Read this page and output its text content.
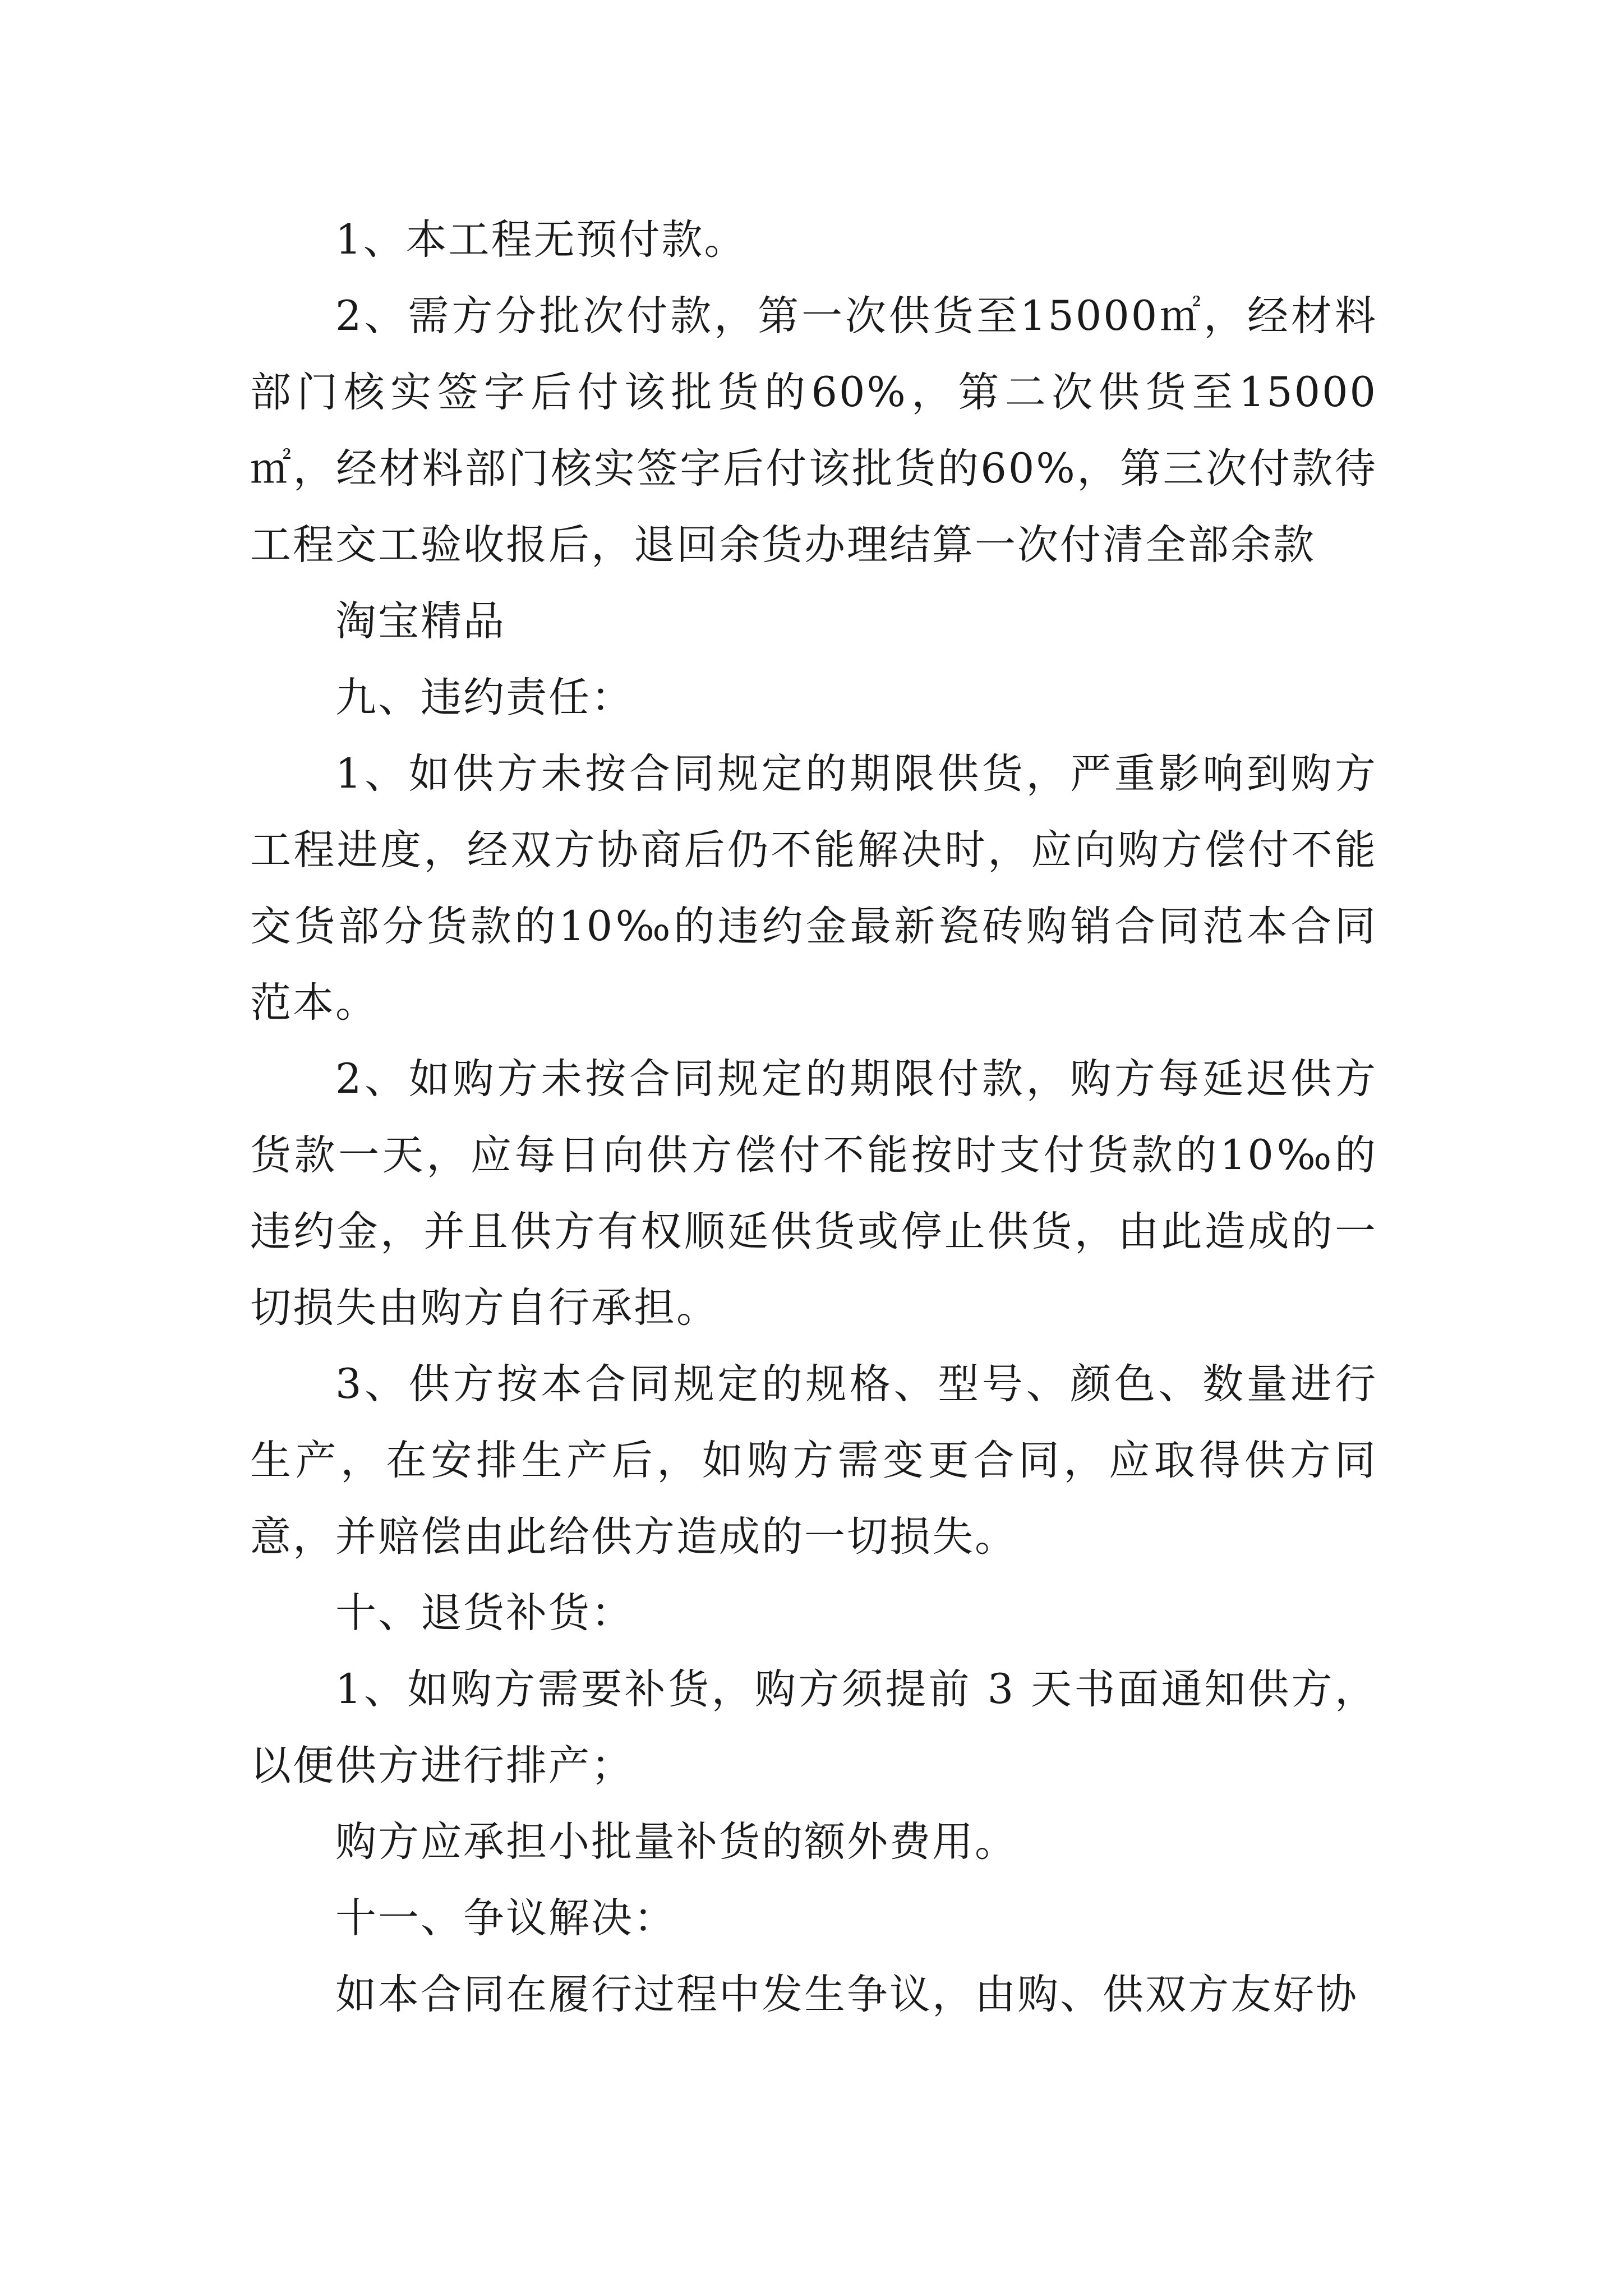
1、本工程无预付款。

2、需方分批次付款，第一次供货至15000㎡，经材料部门核实签字后付该批货的60%，第二次供货至15000㎡，经材料部门核实签字后付该批货的60%，第三次付款待工程交工验收报后，退回余货办理结算一次付清全部余款

淘宝精品

九、违约责任：

1、如供方未按合同规定的期限供货，严重影响到购方工程进度，经双方协商后仍不能解决时，应向购方偿付不能交货部分货款的10‰的违约金最新瓷砖购销合同范本合同范本。

2、如购方未按合同规定的期限付款，购方每延迟供方货款一天，应每日向供方偿付不能按时支付货款的10‰的违约金，并且供方有权顺延供货或停止供货，由此造成的一切损失由购方自行承担。

3、供方按本合同规定的规格、型号、颜色、数量进行生产，在安排生产后，如购方需变更合同，应取得供方同意，并赔偿由此给供方造成的一切损失。

十、退货补货：

1、如购方需要补货，购方须提前 3 天书面通知供方，以便供方进行排产；

购方应承担小批量补货的额外费用。

十一、争议解决：

如本合同在履行过程中发生争议，由购、供双方友好协
